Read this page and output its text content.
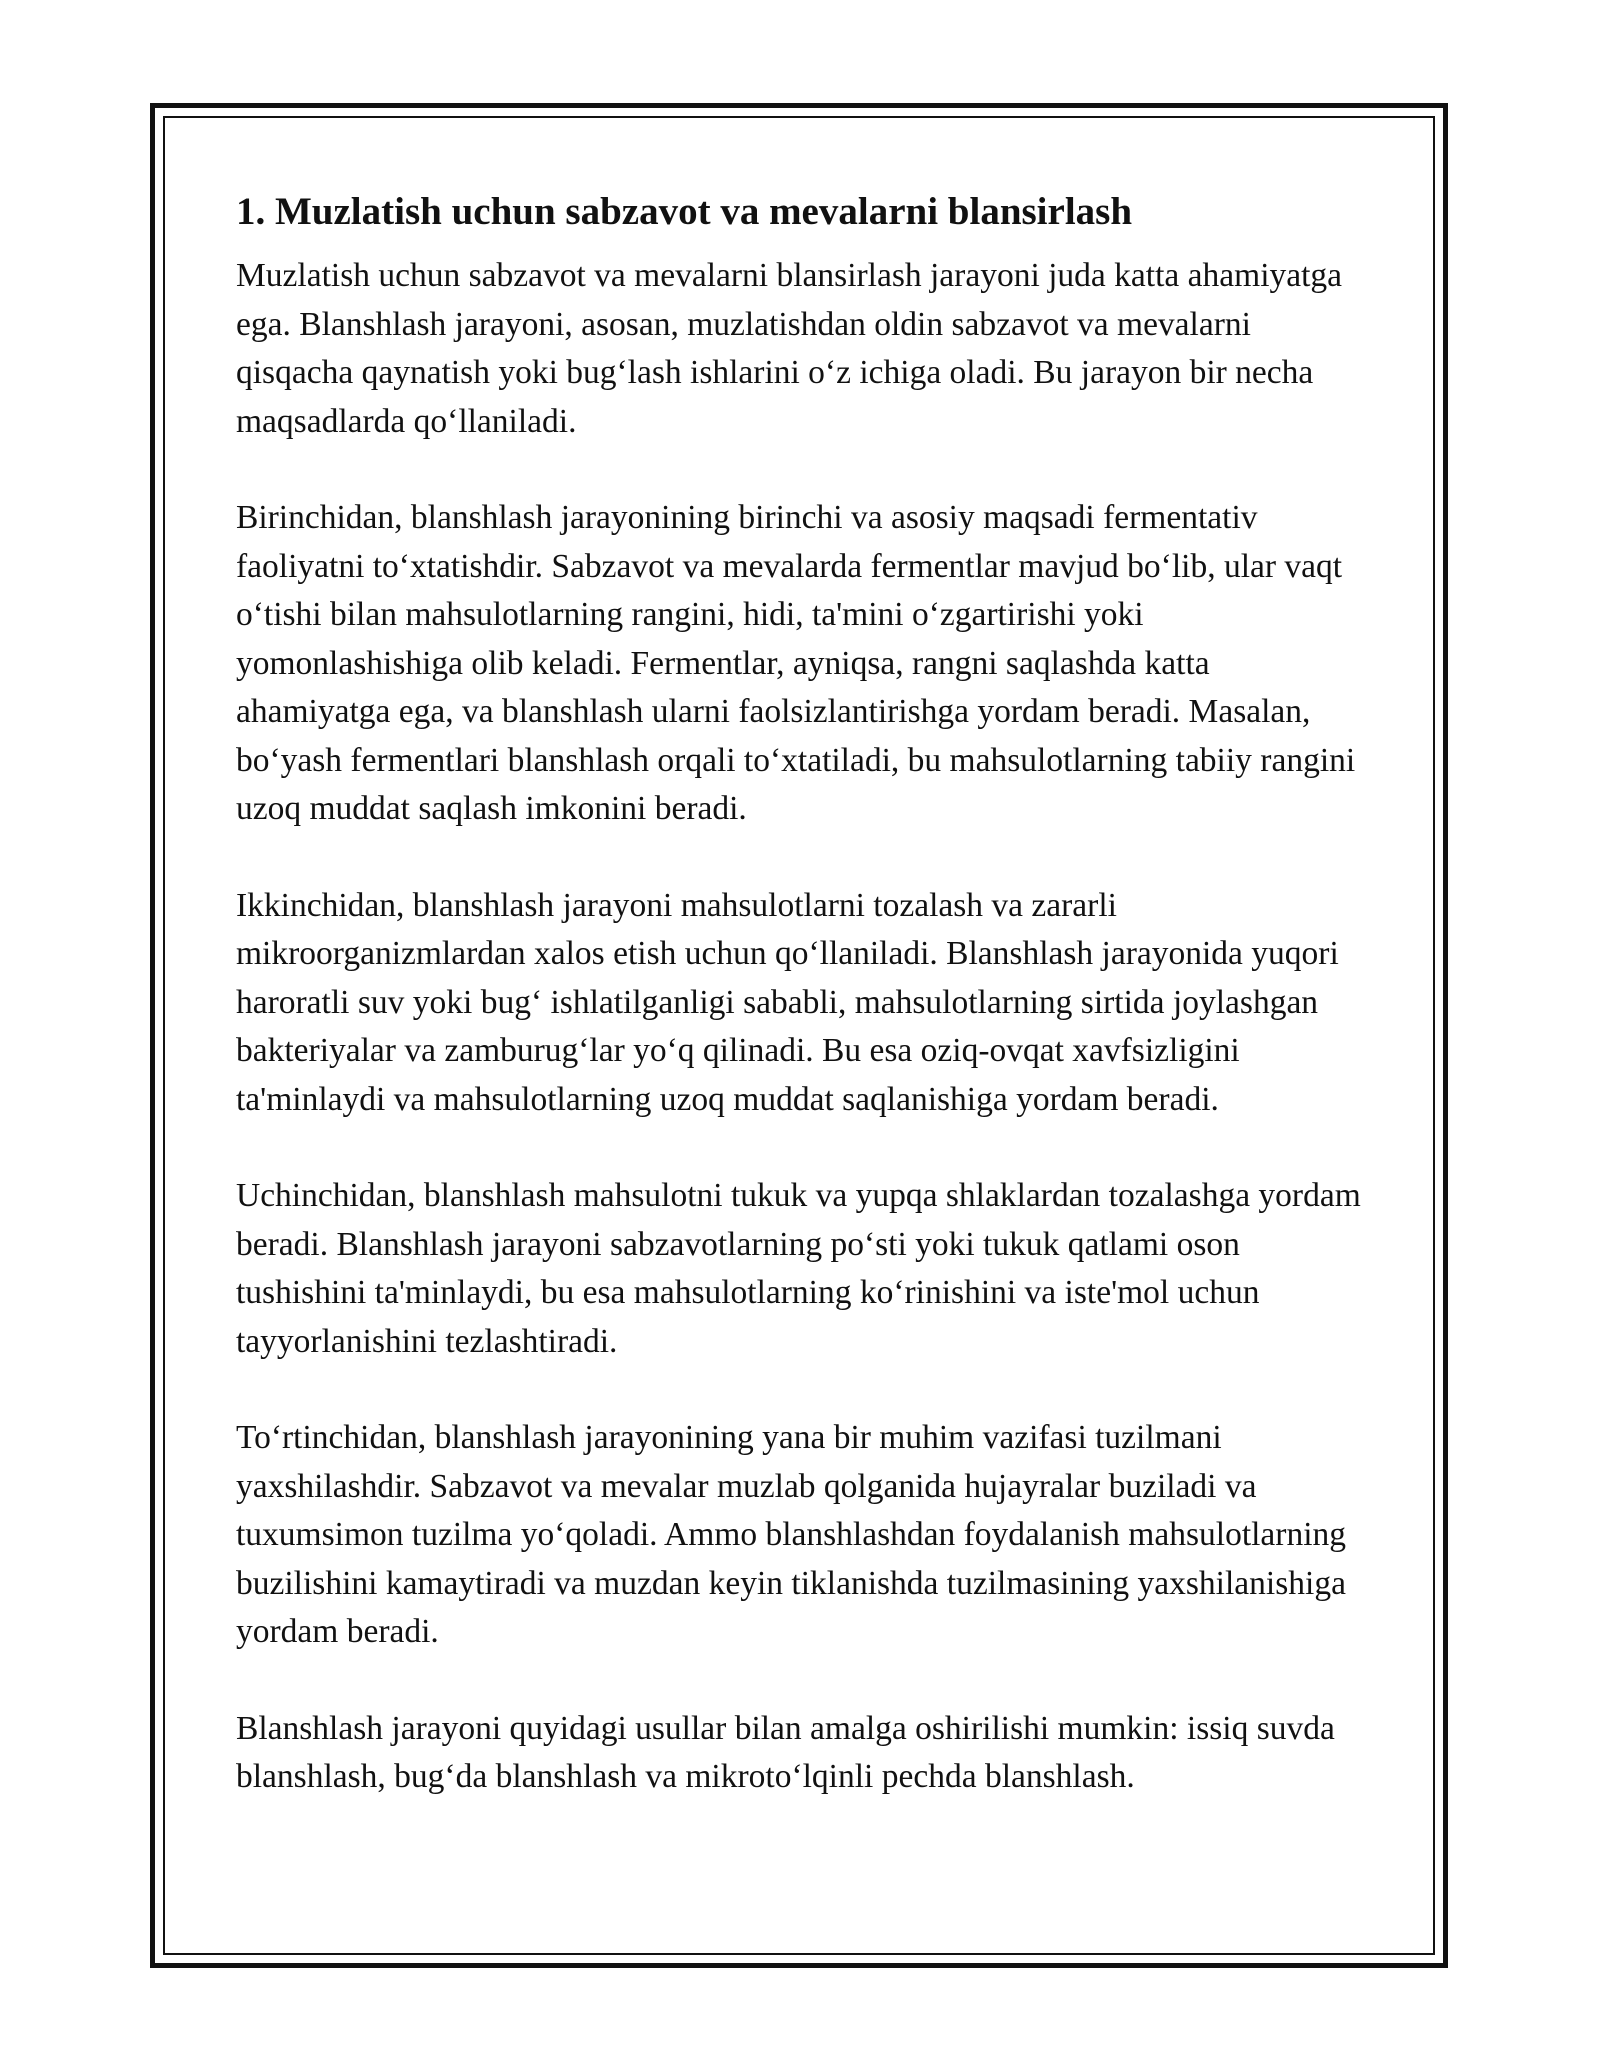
1. Muzlatish uchun sabzavot va mevalarni blansirlash

Muzlatish uchun sabzavot va mevalarni blansirlash jarayoni juda katta ahamiyatga ega. Blanshlash jarayoni, asosan, muzlatishdan oldin sabzavot va mevalarni qisqacha qaynatish yoki bug‘lash ishlarini o‘z ichiga oladi. Bu jarayon bir necha maqsadlarda qo‘llaniladi.

Birinchidan, blanshlash jarayonining birinchi va asosiy maqsadi fermentativ faoliyatni to‘xtatishdir. Sabzavot va mevalarda fermentlar mavjud bo‘lib, ular vaqt o‘tishi bilan mahsulotlarning rangini, hidi, ta'mini o‘zgartirishi yoki yomonlashishiga olib keladi. Fermentlar, ayniqsa, rangni saqlashda katta ahamiyatga ega, va blanshlash ularni faolsizlantirishga yordam beradi. Masalan, bo‘yash fermentlari blanshlash orqali to‘xtatiladi, bu mahsulotlarning tabiiy rangini uzoq muddat saqlash imkonini beradi.

Ikkinchidan, blanshlash jarayoni mahsulotlarni tozalash va zararli mikroorganizmlardan xalos etish uchun qo‘llaniladi. Blanshlash jarayonida yuqori haroratli suv yoki bug‘ ishlatilganligi sababli, mahsulotlarning sirtida joylashgan bakteriyalar va zamburug‘lar yo‘q qilinadi. Bu esa oziq-ovqat xavfsizligini ta'minlaydi va mahsulotlarning uzoq muddat saqlanishiga yordam beradi.

Uchinchidan, blanshlash mahsulotni tukuk va yupqa shlaklardan tozalashga yordam beradi. Blanshlash jarayoni sabzavotlarning po‘sti yoki tukuk qatlami oson tushishini ta'minlaydi, bu esa mahsulotlarning ko‘rinishini va iste'mol uchun tayyorlanishini tezlashtiradi.

To‘rtinchidan, blanshlash jarayonining yana bir muhim vazifasi tuzilmani yaxshilashdir. Sabzavot va mevalar muzlab qolganida hujayralar buziladi va tuxumsimon tuzilma yo‘qoladi. Ammo blanshlashdan foydalanish mahsulotlarning buzilishini kamaytiradi va muzdan keyin tiklanishda tuzilmasining yaxshilanishiga yordam beradi.

Blanshlash jarayoni quyidagi usullar bilan amalga oshirilishi mumkin: issiq suvda blanshlash, bug‘da blanshlash va mikroto‘lqinli pechda blanshlash.
